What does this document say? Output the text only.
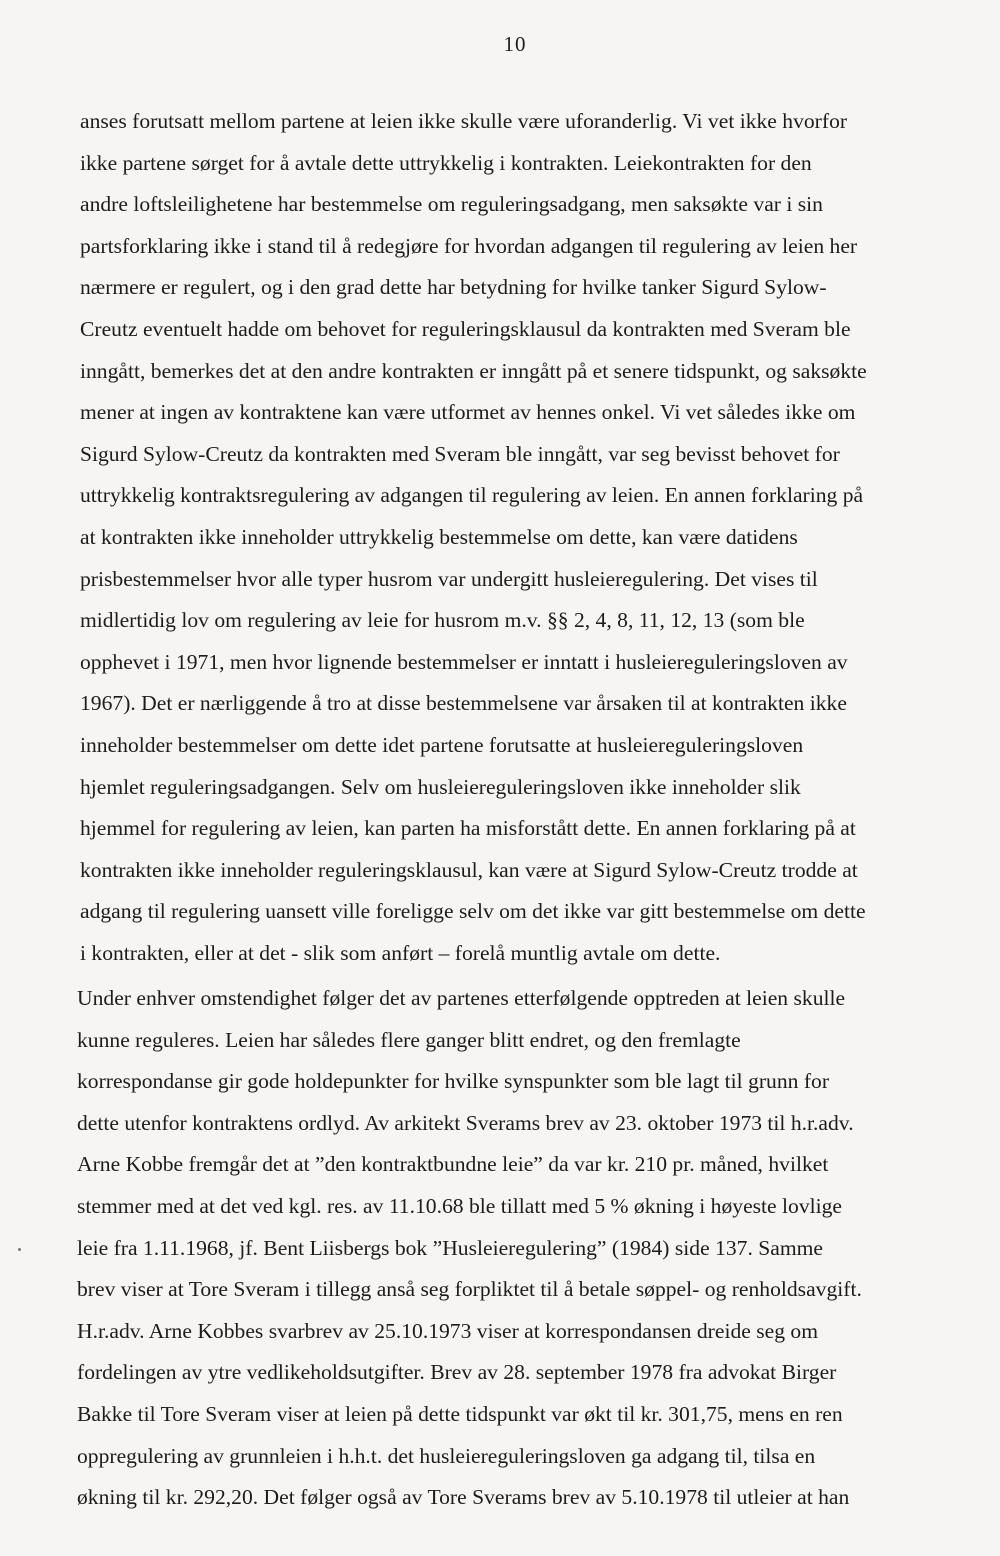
10
anses forutsatt mellom partene at leien ikke skulle være uforanderlig. Vi vet ikke hvorfor
ikke partene sørget for å avtale dette uttrykkelig i kontrakten. Leiekontrakten for den
andre loftsleilighetene har bestemmelse om reguleringsadgang, men saksøkte var i sin
partsforklaring ikke i stand til å redegjøre for hvordan adgangen til regulering av leien her
nærmere er regulert, og i den grad dette har betydning for hvilke tanker Sigurd Sylow-
Creutz eventuelt hadde om behovet for reguleringsklausul da kontrakten med Sveram ble
inngått, bemerkes det at den andre kontrakten er inngått på et senere tidspunkt, og saksøkte
mener at ingen av kontraktene kan være utformet av hennes onkel. Vi vet således ikke om
Sigurd Sylow-Creutz da kontrakten med Sveram ble inngått, var seg bevisst behovet for
uttrykkelig kontraktsregulering av adgangen til regulering av leien. En annen forklaring på
at kontrakten ikke inneholder uttrykkelig bestemmelse om dette, kan være datidens
prisbestemmelser hvor alle typer husrom var undergitt husleieregulering. Det vises til
midlertidig lov om regulering av leie for husrom m.v. §§ 2, 4, 8, 11, 12, 13 (som ble
opphevet i 1971, men hvor lignende bestemmelser er inntatt i husleiereguleringsloven av
1967). Det er nærliggende å tro at disse bestemmelsene var årsaken til at kontrakten ikke
inneholder bestemmelser om dette idet partene forutsatte at husleiereguleringsloven
hjemlet reguleringsadgangen. Selv om husleiereguleringsloven ikke inneholder slik
hjemmel for regulering av leien, kan parten ha misforstått dette. En annen forklaring på at
kontrakten ikke inneholder reguleringsklausul, kan være at Sigurd Sylow-Creutz trodde at
adgang til regulering uansett ville foreligge selv om det ikke var gitt bestemmelse om dette
i kontrakten, eller at det - slik som anført – forelå muntlig avtale om dette.
Under enhver omstendighet følger det av partenes etterfølgende opptreden at leien skulle
kunne reguleres. Leien har således flere ganger blitt endret, og den fremlagte
korrespondanse gir gode holdepunkter for hvilke synspunkter som ble lagt til grunn for
dette utenfor kontraktens ordlyd. Av arkitekt Sverams brev av 23. oktober 1973 til h.r.adv.
Arne Kobbe fremgår det at ”den kontraktbundne leie” da var kr. 210 pr. måned, hvilket
stemmer med at det ved kgl. res. av 11.10.68 ble tillatt med 5 % økning i høyeste lovlige
leie fra 1.11.1968, jf. Bent Liisbergs bok ”Husleieregulering” (1984) side 137. Samme
brev viser at Tore Sveram i tillegg anså seg forpliktet til å betale søppel- og renholdsavgift.
H.r.adv. Arne Kobbes svarbrev av 25.10.1973 viser at korrespondansen dreide seg om
fordelingen av ytre vedlikeholdsutgifter. Brev av 28. september 1978 fra advokat Birger
Bakke til Tore Sveram viser at leien på dette tidspunkt var økt til kr. 301,75, mens en ren
oppregulering av grunnleien i h.h.t. det husleiereguleringsloven ga adgang til, tilsa en
økning til kr. 292,20. Det følger også av Tore Sverams brev av 5.10.1978 til utleier at han
